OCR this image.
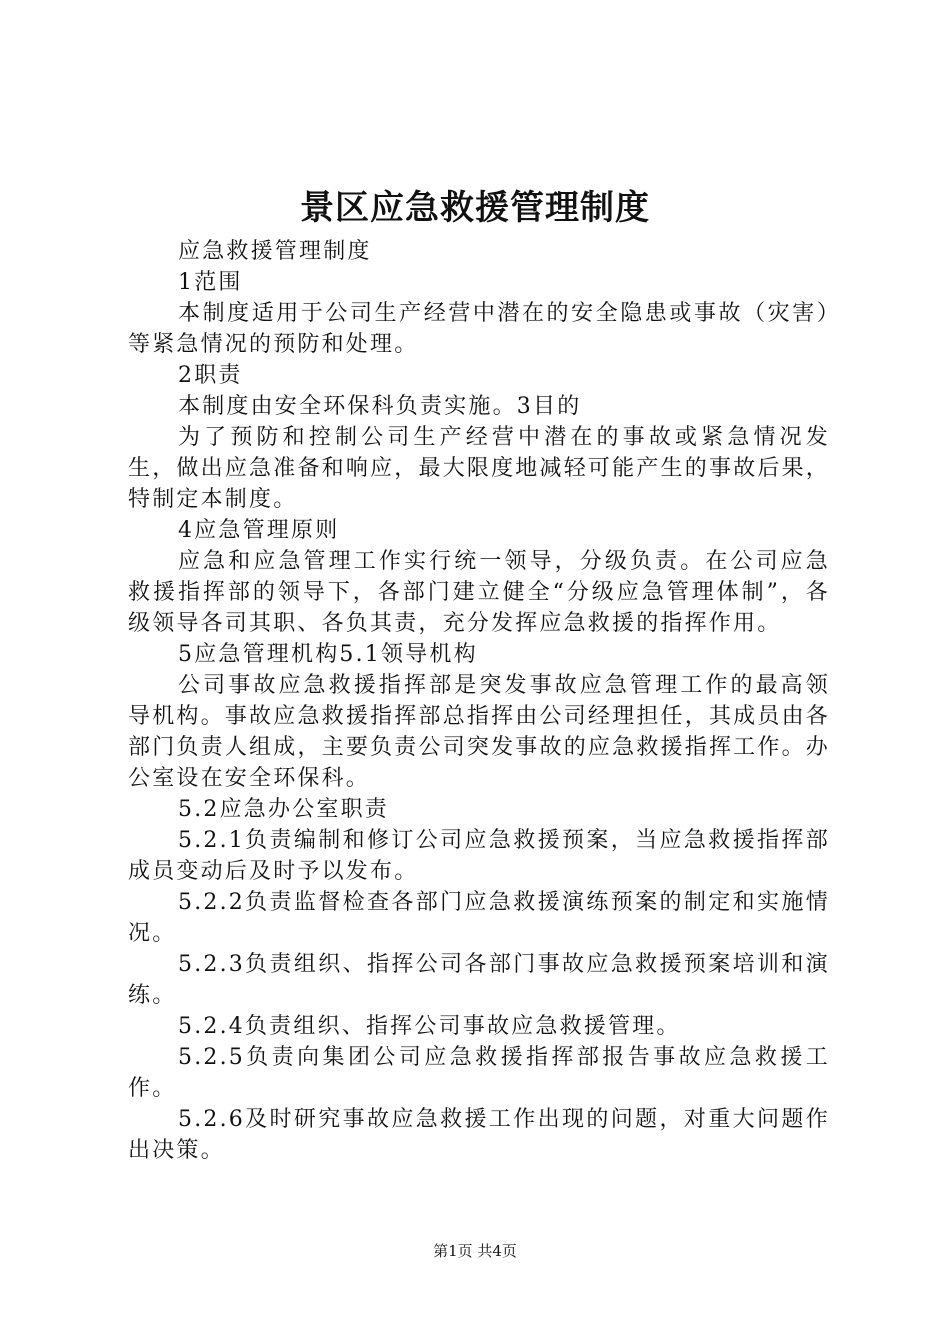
景区应急救援管理制度

应急救援管理制度

1范围

本制度适用于公司生产经营中潜在的安全隐患或事故（灾害）等紧急情况的预防和处理。

2职责

本制度由安全环保科负责实施。3目的

为了预防和控制公司生产经营中潜在的事故或紧急情况发生，做出应急准备和响应，最大限度地减轻可能产生的事故后果，特制定本制度。

4应急管理原则

应急和应急管理工作实行统一领导，分级负责。在公司应急救援指挥部的领导下，各部门建立健全“分级应急管理体制”，各级领导各司其职、各负其责，充分发挥应急救援的指挥作用。

5应急管理机构5.1领导机构

公司事故应急救援指挥部是突发事故应急管理工作的最高领导机构。事故应急救援指挥部总指挥由公司经理担任，其成员由各部门负责人组成，主要负责公司突发事故的应急救援指挥工作。办公室设在安全环保科。

5.2应急办公室职责

5.2.1负责编制和修订公司应急救援预案，当应急救援指挥部成员变动后及时予以发布。

5.2.2负责监督检查各部门应急救援演练预案的制定和实施情况。

5.2.3负责组织、指挥公司各部门事故应急救援预案培训和演练。

5.2.4负责组织、指挥公司事故应急救援管理。

5.2.5负责向集团公司应急救援指挥部报告事故应急救援工作。

5.2.6及时研究事故应急救援工作出现的问题，对重大问题作出决策。

第1页 共4页
